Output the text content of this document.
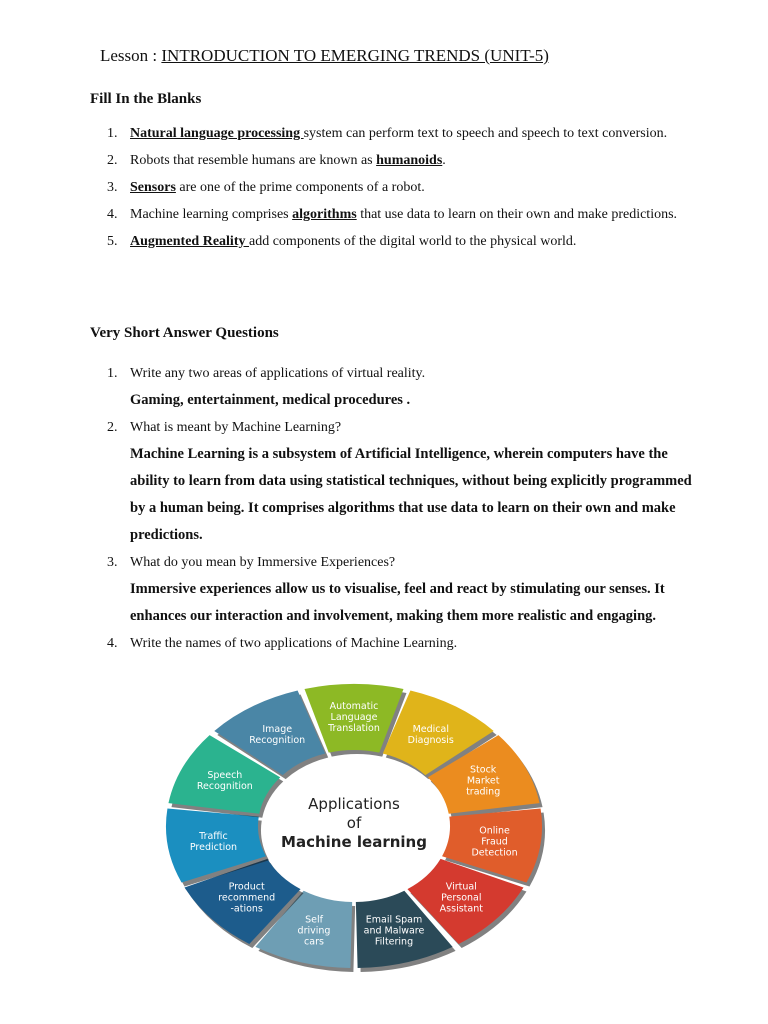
Lesson : INTRODUCTION TO EMERGING TRENDS (UNIT-5)
Fill In the Blanks
1. Natural language processing system can perform text to speech and speech to text conversion.
2. Robots that resemble humans are known as humanoids.
3. Sensors are one of the prime components of a robot.
4. Machine learning comprises algorithms that use data to learn on their own and make predictions.
5. Augmented Reality add components of the digital world to the physical world.
Very Short Answer Questions
1. Write any two areas of applications of virtual reality.
Gaming, entertainment, medical procedures .
2. What is meant by Machine Learning?
Machine Learning is a subsystem of Artificial Intelligence, wherein computers have the ability to learn from data using statistical techniques, without being explicitly programmed by a human being. It comprises algorithms that use data to learn on their own and make predictions.
3. What do you mean by Immersive Experiences?
Immersive experiences allow us to visualise, feel and react by stimulating our senses. It enhances our interaction and involvement, making them more realistic and engaging.
4. Write the names of two applications of Machine Learning.
Automatic Language Translation	Medical Diagnosis
Stock Market trading
Online Fraud Detection
Virtual Personal Assistant
Email Spam and Malware Filtering
Self driving cars
Product recommend -ations
Traffic Prediction
Speech Recognition
Image Recognition
Applications
of
Machine learning
